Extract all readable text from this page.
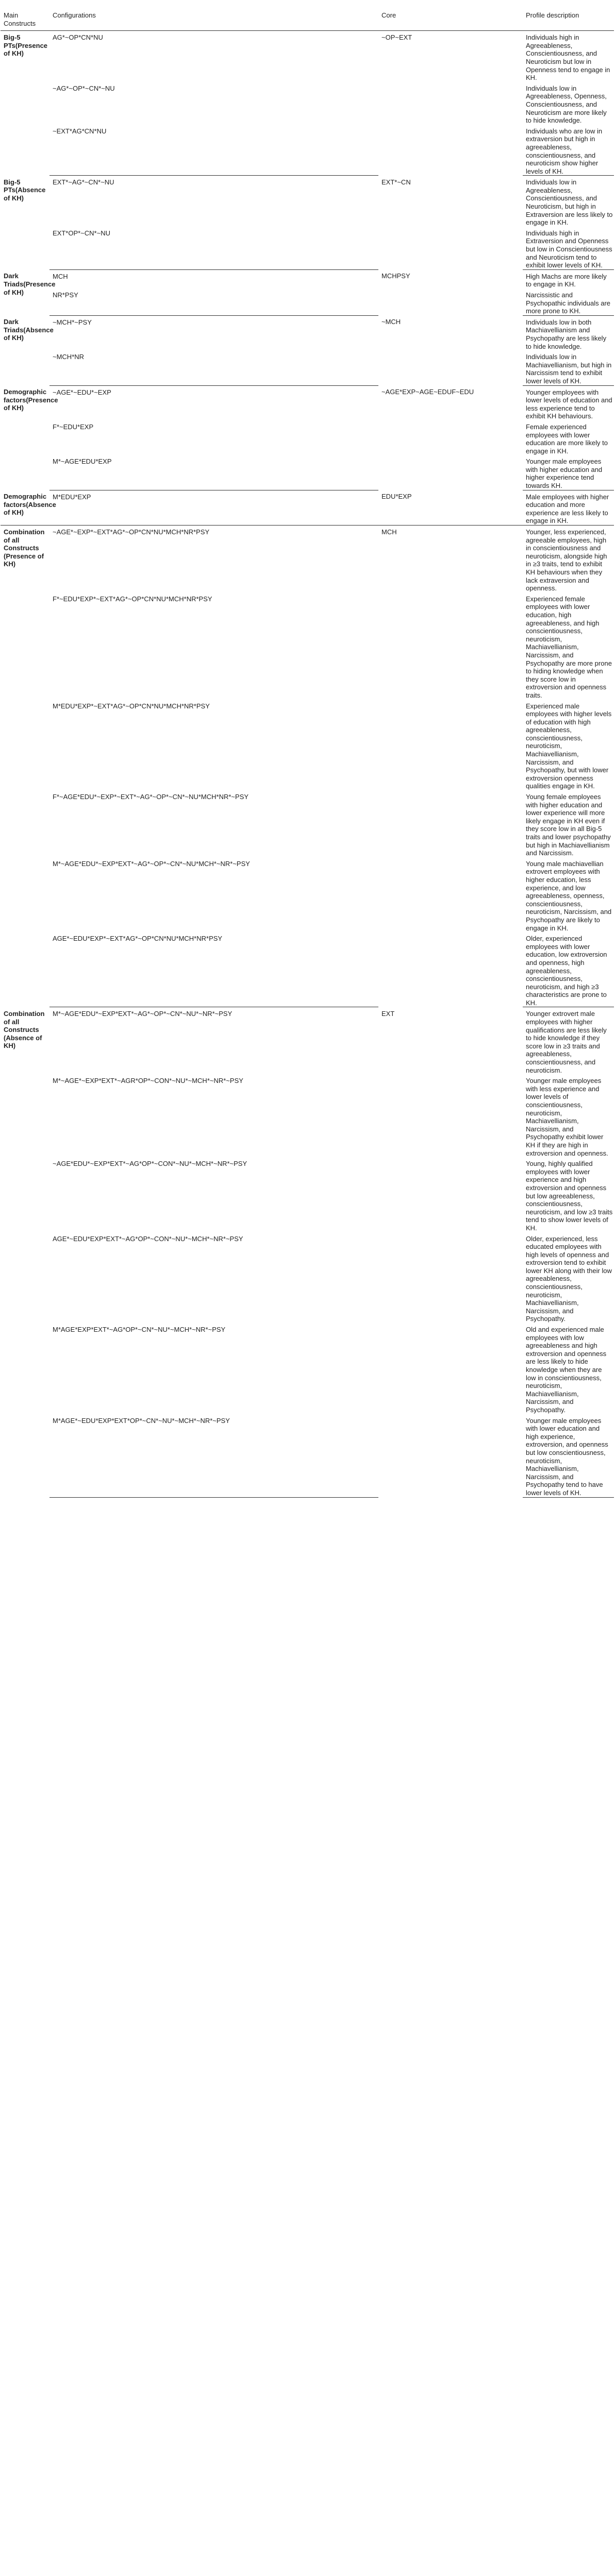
Main Constructs	Configurations	Core	Profile description
Big-5 PTs(Presence of KH)	AG*~OP*CN*NU	~OP~EXT	Individuals high in Agreeableness, Conscientiousness, and Neuroticism but low in Openness tend to engage in KH.
	~AG*~OP*~CN*~NU		Individuals low in Agreeableness, Openness, Conscientiousness, and Neuroticism are more likely to hide knowledge.
	~EXT*AG*CN*NU		Individuals who are low in extraversion but high in agreeableness, conscientiousness, and neuroticism show higher levels of KH.
Big-5 PTs(Absence of KH)	EXT*~AG*~CN*~NU	EXT*~CN	Individuals low in Agreeableness, Conscientiousness, and Neuroticism, but high in Extraversion are less likely to engage in KH.
	EXT*OP*~CN*~NU		Individuals high in Extraversion and Openness but low in Conscientiousness and Neuroticism tend to exhibit lower levels of KH.
Dark Triads(Presence of KH)	MCH	MCHPSY	High Machs are more likely to engage in KH.
	NR*PSY		Narcissistic and Psychopathic individuals are more prone to KH.
Dark Triads(Absence of KH)	~MCH*~PSY	~MCH	Individuals low in both Machiavellianism and Psychopathy are less likely to hide knowledge.
	~MCH*NR		Individuals low in Machiavellianism, but high in Narcissism tend to exhibit lower levels of KH.
Demographic factors(Presence of KH)	~AGE*~EDU*~EXP	~AGE*EXP~AGE~EDUF~EDU	Younger employees with lower levels of education and less experience tend to exhibit KH behaviours.
	F*~EDU*EXP		Female experienced employees with lower education are more likely to engage in KH.
	M*~AGE*EDU*EXP		Younger male employees with higher education and higher experience tend towards KH.
Demographic factors(Absence of KH)	M*EDU*EXP	EDU*EXP	Male employees with higher education and more experience are less likely to engage in KH.
Combination of all Constructs (Presence of KH)	~AGE*~EXP*~EXT*AG*~OP*CN*NU*MCH*NR*PSY	MCH	Younger, less experienced, agreeable employees, high in conscientiousness and neuroticism, alongside high in ≥3 traits, tend to exhibit KH behaviours when they lack extraversion and openness.
	F*~EDU*EXP*~EXT*AG*~OP*CN*NU*MCH*NR*PSY		Experienced female employees with lower education, high agreeableness, and high conscientiousness, neuroticism, Machiavellianism, Narcissism, and Psychopathy are more prone to hiding knowledge when they score low in extroversion and openness traits.
	M*EDU*EXP*~EXT*AG*~OP*CN*NU*MCH*NR*PSY		Experienced male employees with higher levels of education with high agreeableness, conscientiousness, neuroticism, Machiavellianism, Narcissism, and Psychopathy, but with lower extroversion openness qualities engage in KH.
	F*~AGE*EDU*~EXP*~EXT*~AG*~OP*~CN*~NU*MCH*NR*~PSY		Young female employees with higher education and lower experience will more likely engage in KH even if they score low in all Big-5 traits and lower psychopathy but high in Machiavellianism and Narcissism.
	M*~AGE*EDU*~EXP*EXT*~AG*~OP*~CN*~NU*MCH*~NR*~PSY		Young male machiavellian extrovert employees with higher education, less experience, and low agreeableness, openness, conscientiousness, neuroticism, Narcissism, and Psychopathy are likely to engage in KH.
	AGE*~EDU*EXP*~EXT*AG*~OP*CN*NU*MCH*NR*PSY		Older, experienced employees with lower education, low extroversion and openness, high agreeableness, conscientiousness, neuroticism, and high ≥3 characteristics are prone to KH.
Combination of all Constructs (Absence of KH)	M*~AGE*EDU*~EXP*EXT*~AG*~OP*~CN*~NU*~NR*~PSY	EXT	Younger extrovert male employees with higher qualifications are less likely to hide knowledge if they score low in ≥3 traits and agreeableness, conscientiousness, and neuroticism.
	M*~AGE*~EXP*EXT*~AGR*OP*~CON*~NU*~MCH*~NR*~PSY		Younger male employees with less experience and lower levels of conscientiousness, neuroticism, Machiavellianism, Narcissism, and Psychopathy exhibit lower KH if they are high in extroversion and openness.
	~AGE*EDU*~EXP*EXT*~AG*OP*~CON*~NU*~MCH*~NR*~PSY		Young, highly qualified employees with lower experience and high extroversion and openness but low agreeableness, conscientiousness, neuroticism, and low ≥3 traits tend to show lower levels of KH.
	AGE*~EDU*EXP*EXT*~AG*OP*~CON*~NU*~MCH*~NR*~PSY		Older, experienced, less educated employees with high levels of openness and extroversion tend to exhibit lower KH along with their low agreeableness, conscientiousness, neuroticism, Machiavellianism, Narcissism, and Psychopathy.
	M*AGE*EXP*EXT*~AG*OP*~CN*~NU*~MCH*~NR*~PSY		Old and experienced male employees with low agreeableness and high extroversion and openness are less likely to hide knowledge when they are low in conscientiousness, neuroticism, Machiavellianism, Narcissism, and Psychopathy.
	M*AGE*~EDU*EXP*EXT*OP*~CN*~NU*~MCH*~NR*~PSY		Younger male employees with lower education and high experience, extroversion, and openness but low conscientiousness, neuroticism, Machiavellianism, Narcissism, and Psychopathy tend to have lower levels of KH.
